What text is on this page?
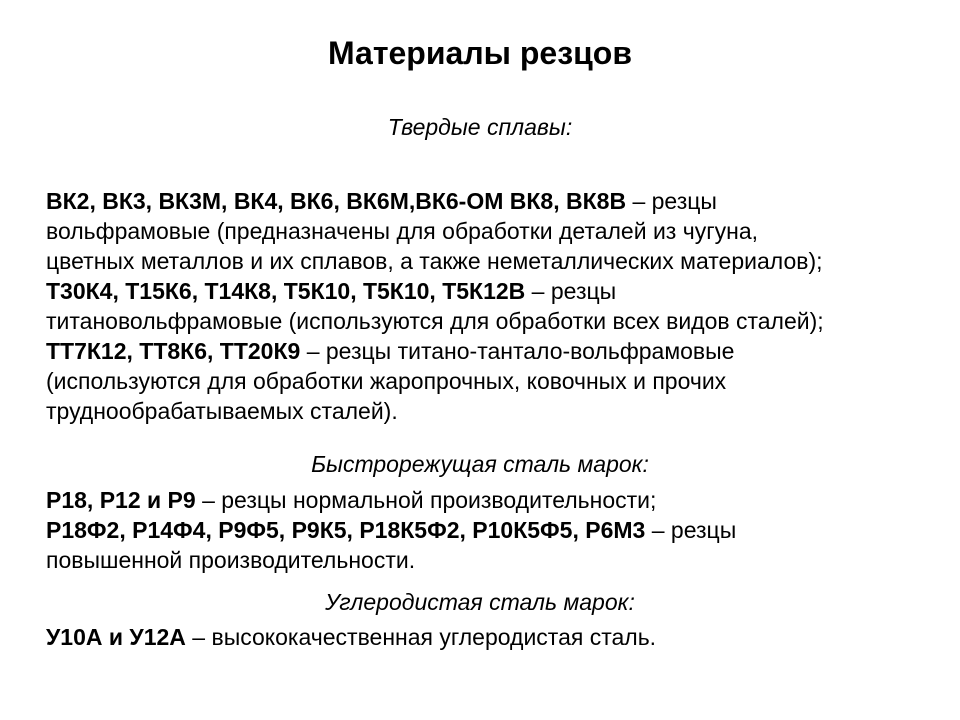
Материалы резцов
Твердые сплавы:
ВК2, ВК3, ВК3М, ВК4, ВК6, ВК6М,ВК6-ОМ ВК8, ВК8В – резцы
вольфрамовые (предназначены для обработки деталей из чугуна,
цветных металлов и их сплавов, а также неметаллических материалов);
Т30К4, Т15К6, Т14К8, Т5К10, Т5К10, Т5К12В – резцы
титановольфрамовые (используются для обработки всех видов сталей);
ТТ7К12, ТТ8К6, ТТ20К9 – резцы титано-тантало-вольфрамовые
(используются для обработки жаропрочных, ковочных и прочих
труднообрабатываемых сталей).
Быстрорежущая сталь марок:
Р18, Р12 и Р9 – резцы нормальной производительности;
Р18Ф2, Р14Ф4, Р9Ф5, Р9К5, Р18К5Ф2, Р10К5Ф5, Р6М3 – резцы
повышенной производительности.
Углеродистая сталь марок:
У10А и У12А – высококачественная углеродистая сталь.
